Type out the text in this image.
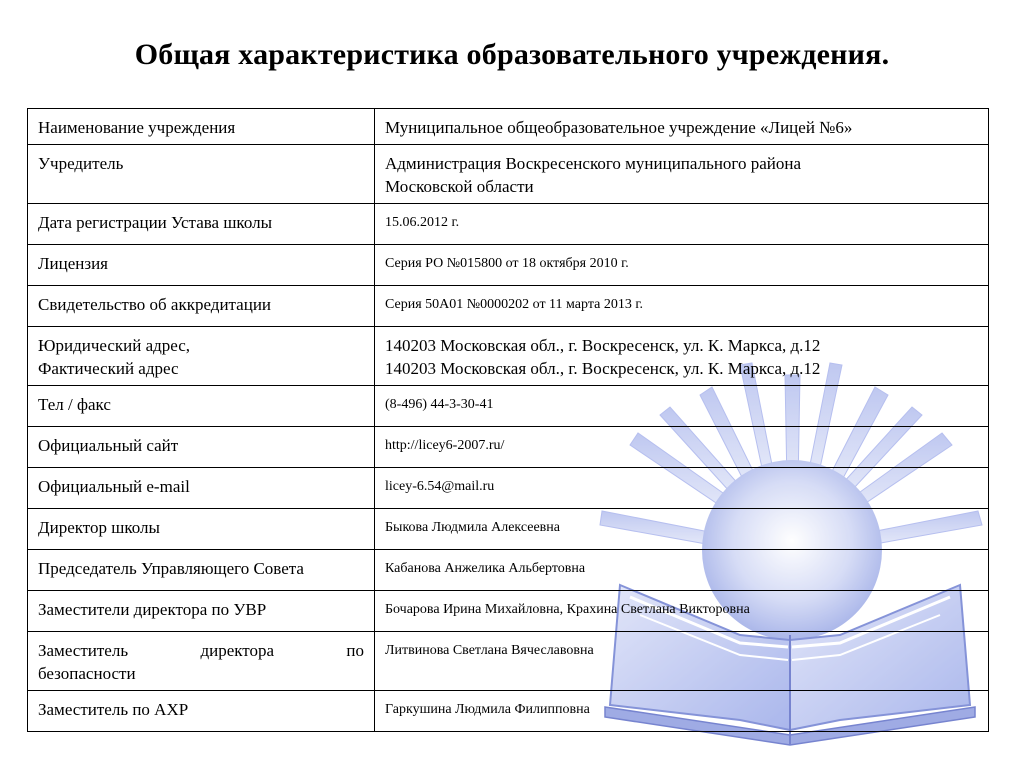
Общая характеристика образовательного учреждения.
Наименование учреждения	Муниципальное общеобразовательное учреждение «Лицей №6»
Учредитель	Администрация Воскресенского муниципального района
Московской области

Дата регистрации Устава школы	15.06.2012 г.
Лицензия	Серия РО №015800 от 18 октября 2010 г.
Свидетельство об аккредитации	Серия 50А01 №0000202 от 11 марта 2013 г.

Юридический адрес,
Фактический адрес	140203 Московская обл., г. Воскресенск, ул. К. Маркса, д.12
140203 Московская обл., г. Воскресенск, ул. К. Маркса, д.12

Тел / факс	(8-496) 44-3-30-41
Официальный сайт	http://licey6-2007.ru/
Официальный e-mail	licey-6.54@mail.ru
Директор школы	Быкова Людмила Алексеевна
Председатель Управляющего Совета	Кабанова Анжелика Альбертовна
Заместители директора по УВР	Бочарова Ирина Михайловна, Крахина Светлана Викторовна

Заместитель директора по
безопасности	Литвинова Светлана Вячеславовна
Заместитель по АХР	Гаркушина Людмила Филипповна
